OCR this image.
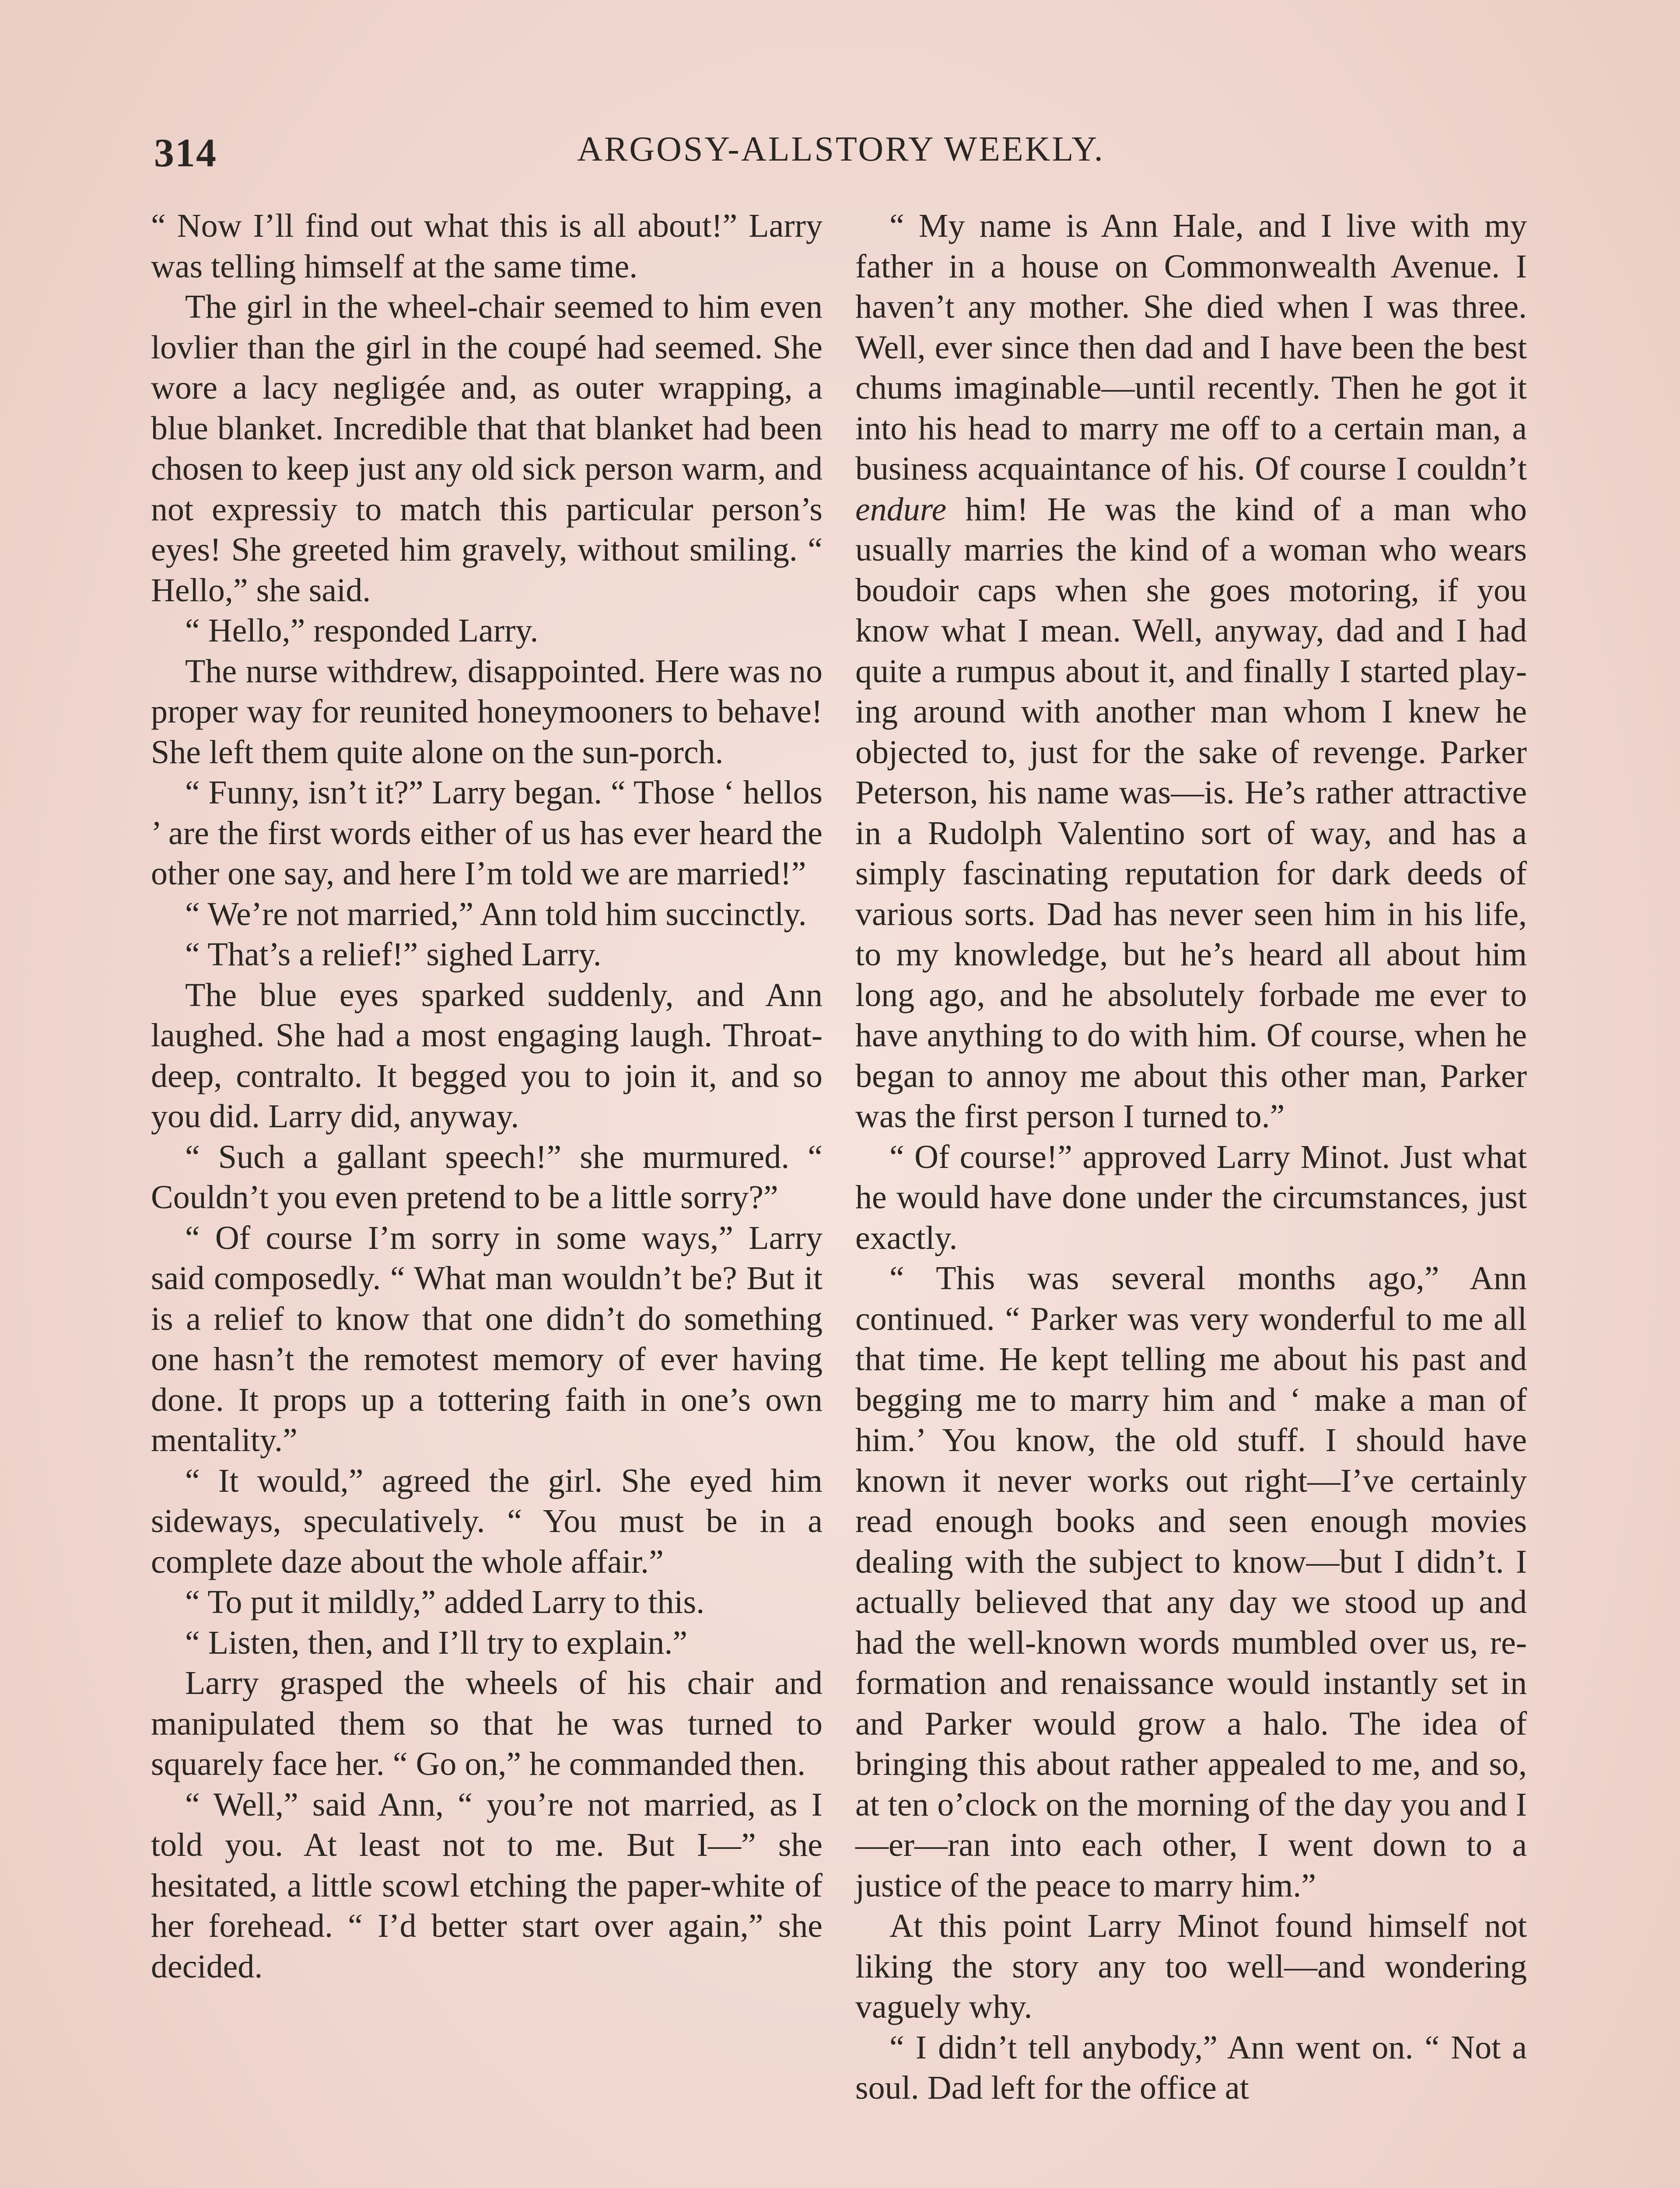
314	ARGOSY-ALLSTORY WEEKLY.

“ Now I’ll find out what this is all about!” Larry was telling himself at the same time.

The girl in the wheel-chair seemed to him even lovlier than the girl in the coupé had seemed. She wore a lacy negligée and, as outer wrapping, a blue blanket. Incredible that that blanket had been chosen to keep just any old sick person warm, and not expressiy to match this particular person’s eyes! She greeted him gravely, without smiling. “ Hello,” she said.

“ Hello,” responded Larry.

The nurse withdrew, disappointed. Here was no proper way for reunited honeymooners to behave! She left them quite alone on the sun-porch.

“ Funny, isn’t it?” Larry began. “ Those ‘ hellos ’ are the first words either of us has ever heard the other one say, and here I’m told we are married!”

“ We’re not married,” Ann told him succinctly.

“ That’s a relief!” sighed Larry.

The blue eyes sparked suddenly, and Ann laughed. She had a most engaging laugh. Throat-deep, contralto. It begged you to join it, and so you did. Larry did, anyway.

“ Such a gallant speech!” she murmured. “ Couldn’t you even pretend to be a little sorry?”

“ Of course I’m sorry in some ways,” Larry said composedly. “ What man wouldn’t be? But it is a relief to know that one didn’t do something one hasn’t the remotest memory of ever having done. It props up a tottering faith in one’s own mentality.”

“ It would,” agreed the girl. She eyed him sideways, speculatively. “ You must be in a complete daze about the whole affair.”

“ To put it mildly,” added Larry to this.

“ Listen, then, and I’ll try to explain.”

Larry grasped the wheels of his chair and manipulated them so that he was turned to squarely face her. “ Go on,” he commanded then.

“ Well,” said Ann, “ you’re not married, as I told you. At least not to me. But I—” she hesitated, a little scowl etching the paper-white of her forehead. “ I’d better start over again,” she decided.

“ My name is Ann Hale, and I live with my father in a house on Commonwealth Avenue. I haven’t any mother. She died when I was three. Well, ever since then dad and I have been the best chums imaginable—until recently. Then he got it into his head to marry me off to a certain man, a business acquaintance of his. Of course I couldn’t endure him! He was the kind of a man who usually marries the kind of a woman who wears boudoir caps when she goes motoring, if you know what I mean. Well, anyway, dad and I had quite a rumpus about it, and finally I started playing around with another man whom I knew he objected to, just for the sake of revenge. Parker Peterson, his name was—is. He’s rather attractive in a Rudolph Valentino sort of way, and has a simply fascinating reputation for dark deeds of various sorts. Dad has never seen him in his life, to my knowledge, but he’s heard all about him long ago, and he absolutely forbade me ever to have anything to do with him. Of course, when he began to annoy me about this other man, Parker was the first person I turned to.”

“ Of course!” approved Larry Minot. Just what he would have done under the circumstances, just exactly.

“ This was several months ago,” Ann continued. “ Parker was very wonderful to me all that time. He kept telling me about his past and begging me to marry him and ‘ make a man of him.’ You know, the old stuff. I should have known it never works out right—I’ve certainly read enough books and seen enough movies dealing with the subject to know—but I didn’t. I actually believed that any day we stood up and had the well-known words mumbled over us, reformation and renaissance would instantly set in and Parker would grow a halo. The idea of bringing this about rather appealed to me, and so, at ten o’clock on the morning of the day you and I—er—ran into each other, I went down to a justice of the peace to marry him.”

At this point Larry Minot found himself not liking the story any too well—and wondering vaguely why.

“ I didn’t tell anybody,” Ann went on. “ Not a soul. Dad left for the office at
